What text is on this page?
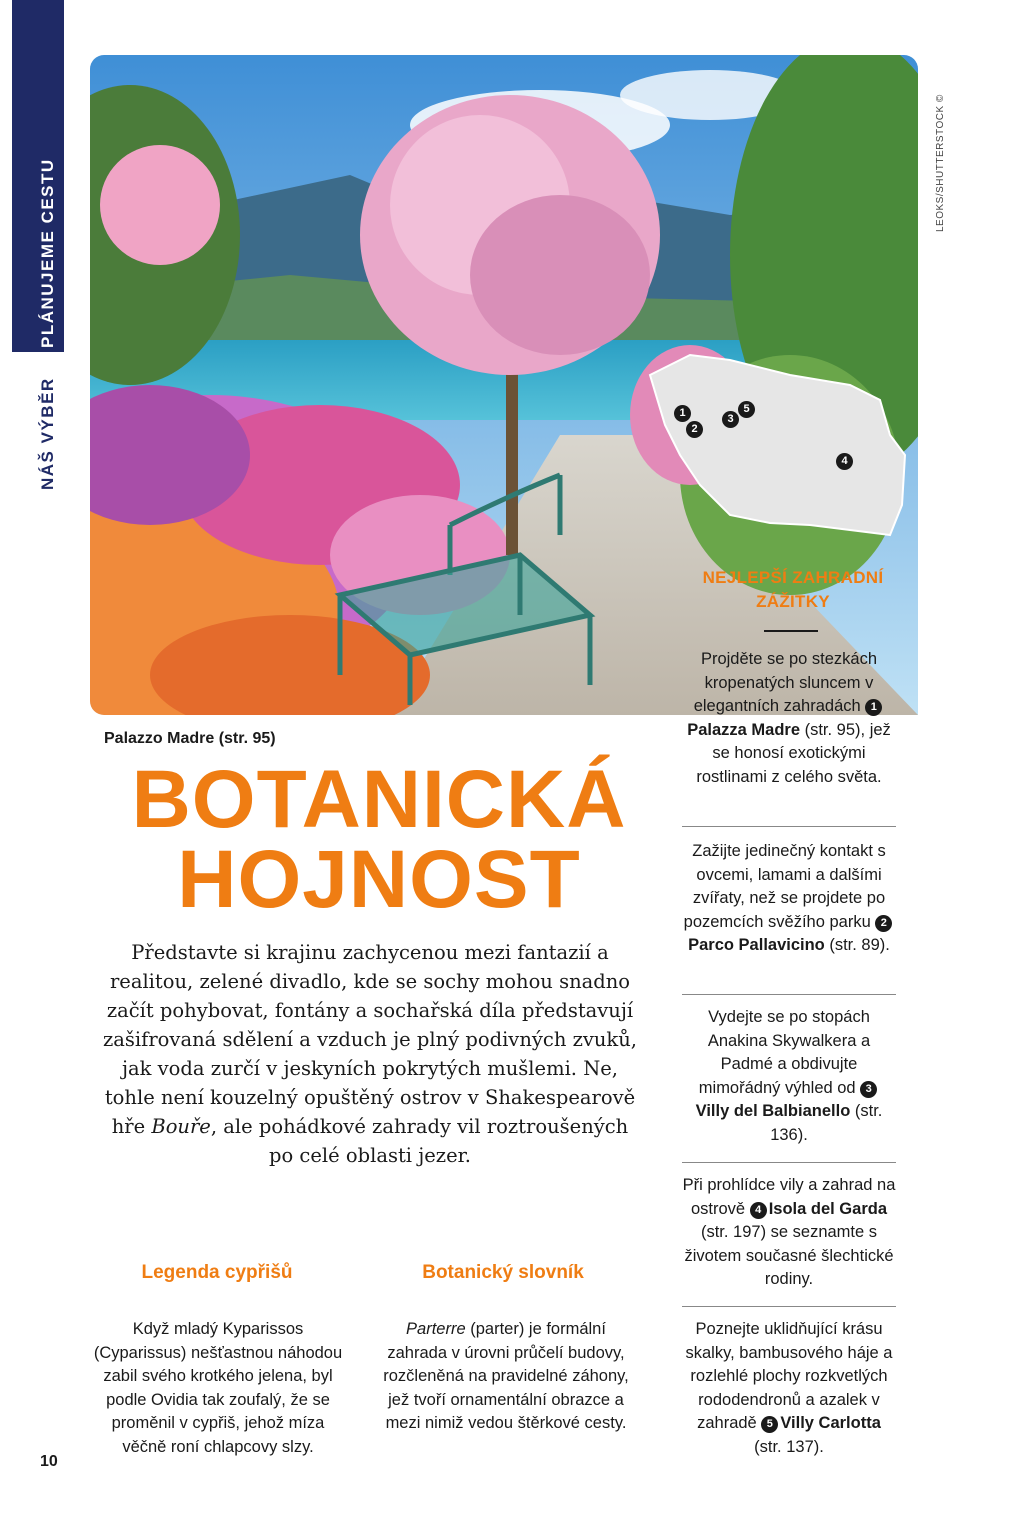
PLÁNUJEME CESTU
NÁŠ VÝBĚR	1
2
3
5
4
LEOKS/SHUTTERSTOCK ©
Palazzo Madre (str. 95)
BOTANICKÁ
HOJNOST
Představte si krajinu zachycenou mezi fantazií a realitou, zelené divadlo, kde se sochy mohou snadno začít pohybovat, fontány a sochařská díla představují zašifrovaná sdělení a vzduch je plný podivných zvuků, jak voda zurčí v jeskyních pokrytých mušlemi. Ne, tohle není kouzelný opuštěný ostrov v Shakespearově hře Bouře, ale pohádkové zahrady vil roztroušených po celé oblasti jezer.
Legenda cypřišů
Když mladý Kyparissos (Cyparissus) nešťastnou náhodou zabil svého krotkého jelena, byl podle Ovidia tak zoufalý, že se proměnil v cypřiš, jehož míza věčně roní chlapcovy slzy.
Botanický slovník
Parterre (parter) je formální zahrada v úrovni průčelí budovy, rozčleněná na pravidelné záhony, jež tvoří ornamentální obrazce a mezi nimiž vedou štěrkové cesty.
10
NEJLEPŠÍ ZAHRADNÍ ZÁŽITKY
Projděte se po stezkách kropenatých sluncem v elegantních zahradách 1Palazza Madre (str. 95), jež se honosí exotickými rostlinami z celého světa.
Zažijte jedinečný kontakt s ovcemi, lamami a dalšími zvířaty, než se projdete po pozemcích svěžího parku 2Parco Pallavicino (str. 89).
Vydejte se po stopách Anakina Skywalkera a Padmé a obdivujte mimořádný výhled od 3Villy del Balbianello (str. 136).
Při prohlídce vily a zahrad na ostrově 4 Isola del Garda (str. 197) se seznamte s životem současné šlechtické rodiny.
Poznejte uklidňující krásu skalky, bambusového háje a rozlehlé plochy rozkvetlých rododendronů a azalek v zahradě 5 Villy Carlotta (str. 137).
